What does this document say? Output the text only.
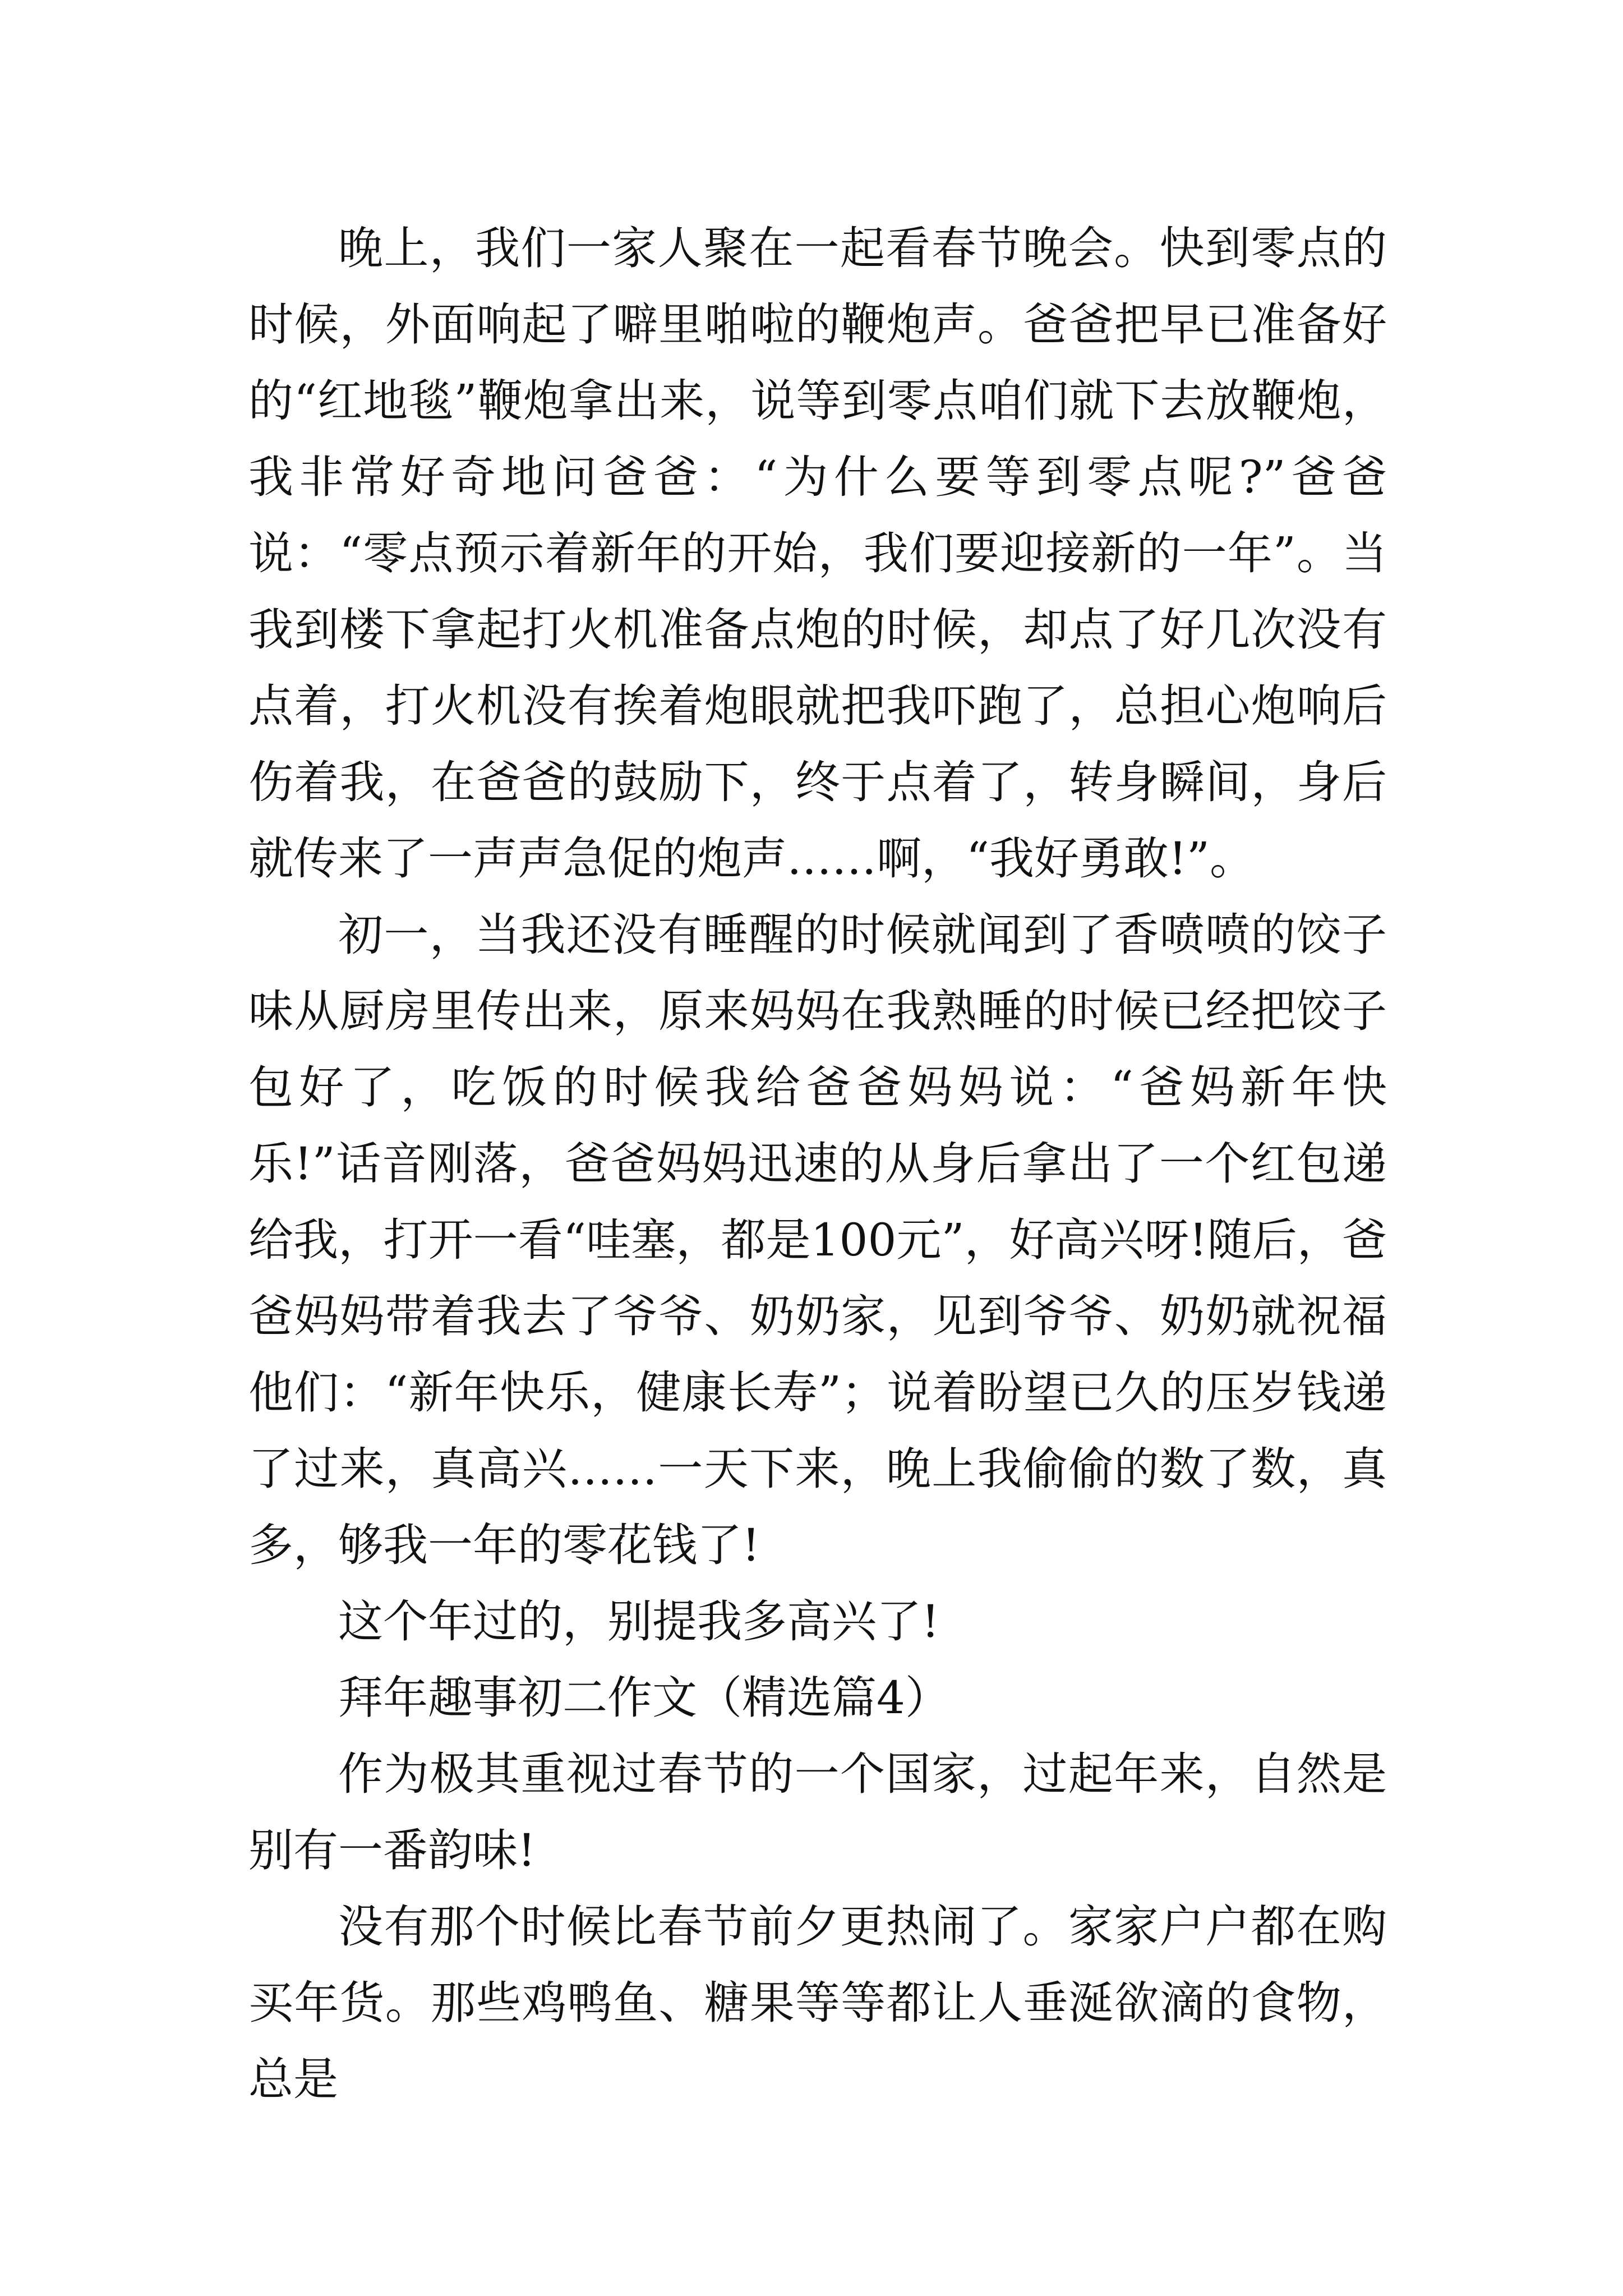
晚上，我们一家人聚在一起看春节晚会。快到零点的时候，外面响起了噼里啪啦的鞭炮声。爸爸把早已准备好的“红地毯”鞭炮拿出来，说等到零点咱们就下去放鞭炮，我非常好奇地问爸爸：“为什么要等到零点呢?”爸爸说：“零点预示着新年的开始，我们要迎接新的一年”。当我到楼下拿起打火机准备点炮的时候，却点了好几次没有点着，打火机没有挨着炮眼就把我吓跑了，总担心炮响后伤着我，在爸爸的鼓励下，终于点着了，转身瞬间，身后就传来了一声声急促的炮声……啊，“我好勇敢!”。

初一，当我还没有睡醒的时候就闻到了香喷喷的饺子味从厨房里传出来，原来妈妈在我熟睡的时候已经把饺子包好了，吃饭的时候我给爸爸妈妈说：“爸妈新年快乐!”话音刚落，爸爸妈妈迅速的从身后拿出了一个红包递给我，打开一看“哇塞，都是100元”，好高兴呀!随后，爸爸妈妈带着我去了爷爷、奶奶家，见到爷爷、奶奶就祝福他们：“新年快乐，健康长寿”；说着盼望已久的压岁钱递了过来，真高兴……一天下来，晚上我偷偷的数了数，真多，够我一年的零花钱了!

这个年过的，别提我多高兴了!

拜年趣事初二作文（精选篇4）

作为极其重视过春节的一个国家，过起年来，自然是别有一番韵味!

没有那个时候比春节前夕更热闹了。家家户户都在购买年货。那些鸡鸭鱼、糖果等等都让人垂涎欲滴的食物，总是
